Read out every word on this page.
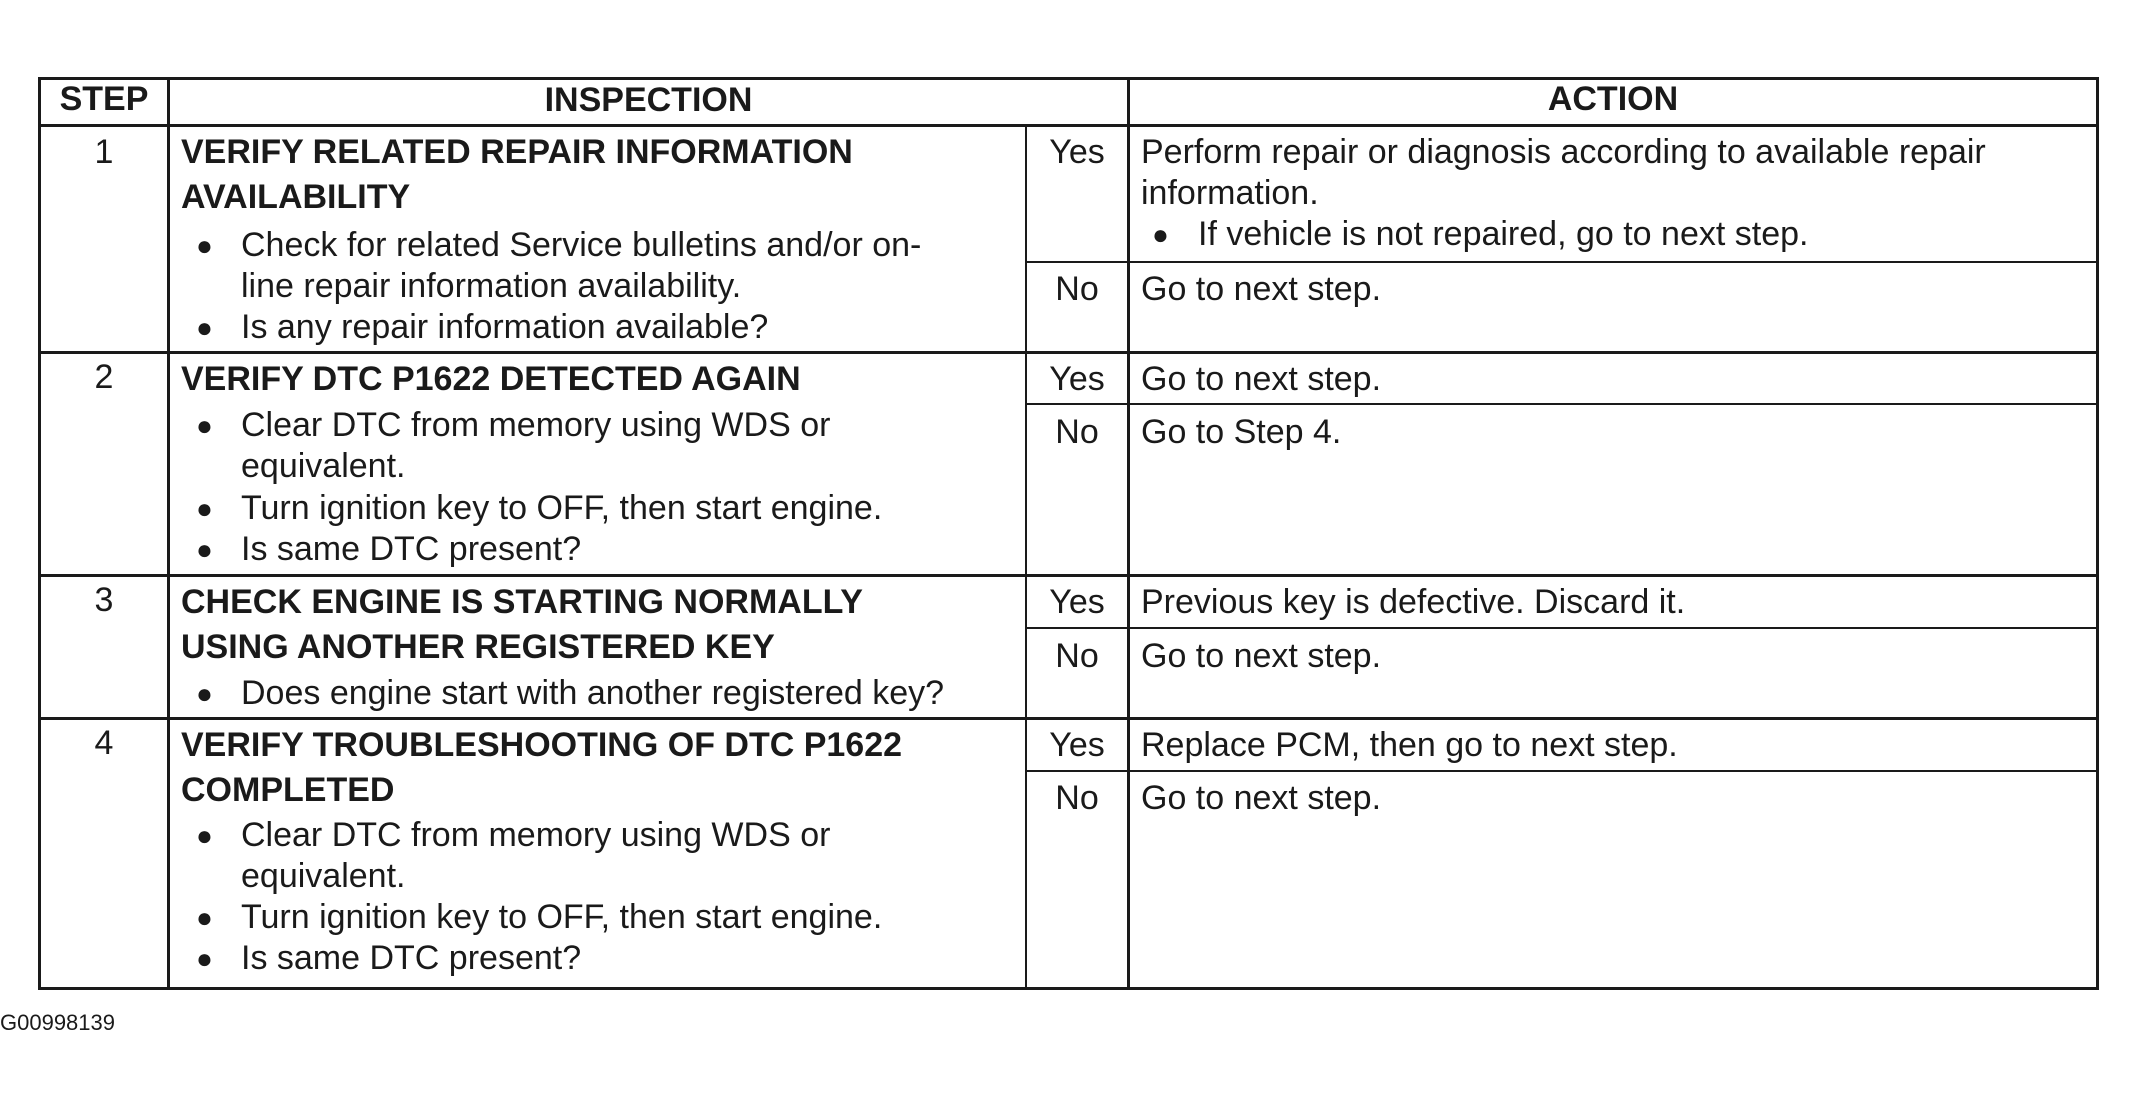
STEP	INSPECTION	ACTION
1	VERIFY RELATED REPAIR INFORMATION
AVAILABILITY
● Check for related Service bulletins and/or on-
line repair information availability.
● Is any repair information available?
Yes	Perform repair or diagnosis according to available repair
information.
● If vehicle is not repaired, go to next step.
No	Go to next step.
2	VERIFY DTC P1622 DETECTED AGAIN
● Clear DTC from memory using WDS or
equivalent.
● Turn ignition key to OFF, then start engine.
● Is same DTC present?
Yes	Go to next step.
No	Go to Step 4.
3	CHECK ENGINE IS STARTING NORMALLY
USING ANOTHER REGISTERED KEY
● Does engine start with another registered key?
Yes	Previous key is defective. Discard it.
No	Go to next step.
4	VERIFY TROUBLESHOOTING OF DTC P1622
COMPLETED
● Clear DTC from memory using WDS or
equivalent.
● Turn ignition key to OFF, then start engine.
● Is same DTC present?
Yes	Replace PCM, then go to next step.
No	Go to next step.
G00998139
